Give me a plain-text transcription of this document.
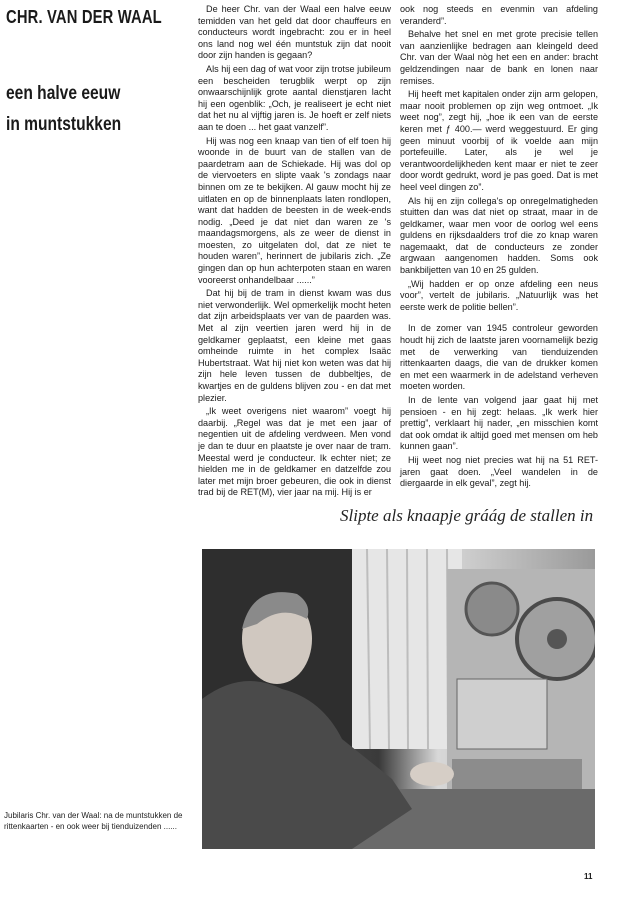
CHR. VAN DER WAAL
een halve eeuw
in muntstukken

De heer Chr. van der Waal een halve eeuw temidden van het geld dat door chauffeurs en conducteurs wordt ingebracht: zou er in heel ons land nog wel één muntstuk zijn dat nooit door zijn handen is gegaan?

Als hij een dag of wat voor zijn trotse jubileum een bescheiden terugblik werpt op zijn onwaarschijnlijk grote aantal dienstjaren lacht hij een ogenblik: „Och, je realiseert je echt niet dat het nu al vijftig jaren is. Je hoeft er zelf niets aan te doen ... het gaat vanzelf”.

Hij was nog een knaap van tien of elf toen hij woonde in de buurt van de stallen van de paardetram aan de Schiekade. Hij was dol op de viervoeters en slipte vaak 's zondags naar binnen om ze te bekijken. Al gauw mocht hij ze uitlaten en op de binnenplaats laten rondlopen, want dat hadden de beesten in de week-ends nodig. „Deed je dat niet dan waren ze 's maandagsmorgens, als ze weer de dienst in moesten, zo uitgelaten dol, dat ze niet te houden waren”, herinnert de jubilaris zich. „Ze gingen dan op hun achterpoten staan en waren vooreerst onhandelbaar ......”

Dat hij bij de tram in dienst kwam was dus niet verwonderlijk. Wel opmerkelijk mocht heten dat zijn arbeidsplaats ver van de paarden was. Met al zijn veertien jaren werd hij in de geldkamer geplaatst, een kleine met gaas omheinde ruimte in het complex Isaäc Hubertstraat. Wat hij niet kon weten was dat hij zijn hele leven tussen de dubbeltjes, de kwartjes en de guldens blijven zou - en dat met plezier.

„Ik weet overigens niet waarom” voegt hij daarbij. „Regel was dat je met een jaar of negentien uit de afdeling verdween. Men vond je dan te duur en plaatste je over naar de tram. Meestal werd je conducteur. Ik echter niet; ze hielden me in de geldkamer en datzelfde zou later met mijn broer gebeuren, die ook in dienst trad bij de RET(M), vier jaar na mij. Hij is er

ook nog steeds en evenmin van afdeling veranderd”.

Behalve het snel en met grote precisie tellen van aanzienlijke bedragen aan kleingeld deed Chr. van der Waal nòg het een en ander: bracht geldzendingen naar de bank en lonen naar remises.

Hij heeft met kapitalen onder zijn arm gelopen, maar nooit problemen op zijn weg ontmoet. „Ik weet nog”, zegt hij, „hoe ik een van de eerste keren met ƒ 400.— werd weggestuurd. Er ging geen minuut voorbij of ik voelde aan mijn portefeuille. Later, als je wel je verantwoordelijkheden kent maar er niet te zeer door wordt gedrukt, word je pas goed. Dat is met heel veel dingen zo”.

Als hij en zijn collega's op onregelmatigheden stuitten dan was dat niet op straat, maar in de geldkamer, waar men voor de oorlog wel eens guldens en rijksdaalders trof die zo knap waren nagemaakt, dat de conducteurs ze zonder argwaan aangenomen hadden. Soms ook bankbiljetten van 10 en 25 gulden.

„Wij hadden er op onze afdeling een neus voor”, vertelt de jubilaris. „Natuurlijk was het eerste werk de politie bellen”.

In de zomer van 1945 controleur geworden houdt hij zich de laatste jaren voornamelijk bezig met de verwerking van tienduizenden rittenkaarten daags, die van de drukker komen en met een waarmerk in de adelstand verheven moeten worden.

In de lente van volgend jaar gaat hij met pensioen - en hij zegt: helaas. „Ik werk hier prettig”, verklaart hij nader, „en misschien komt dat ook omdat ik altijd goed met mensen om heb kunnen gaan”.

Hij weet nog niet precies wat hij na 51 RET-jaren gaat doen. „Veel wandelen in de diergaarde in elk geval”, zegt hij.

Slipte als knaapje gráág de stallen in
Jubilaris Chr. van der Waal: na de muntstukken de rittenkaarten - en ook weer bij tienduizenden ......
11
